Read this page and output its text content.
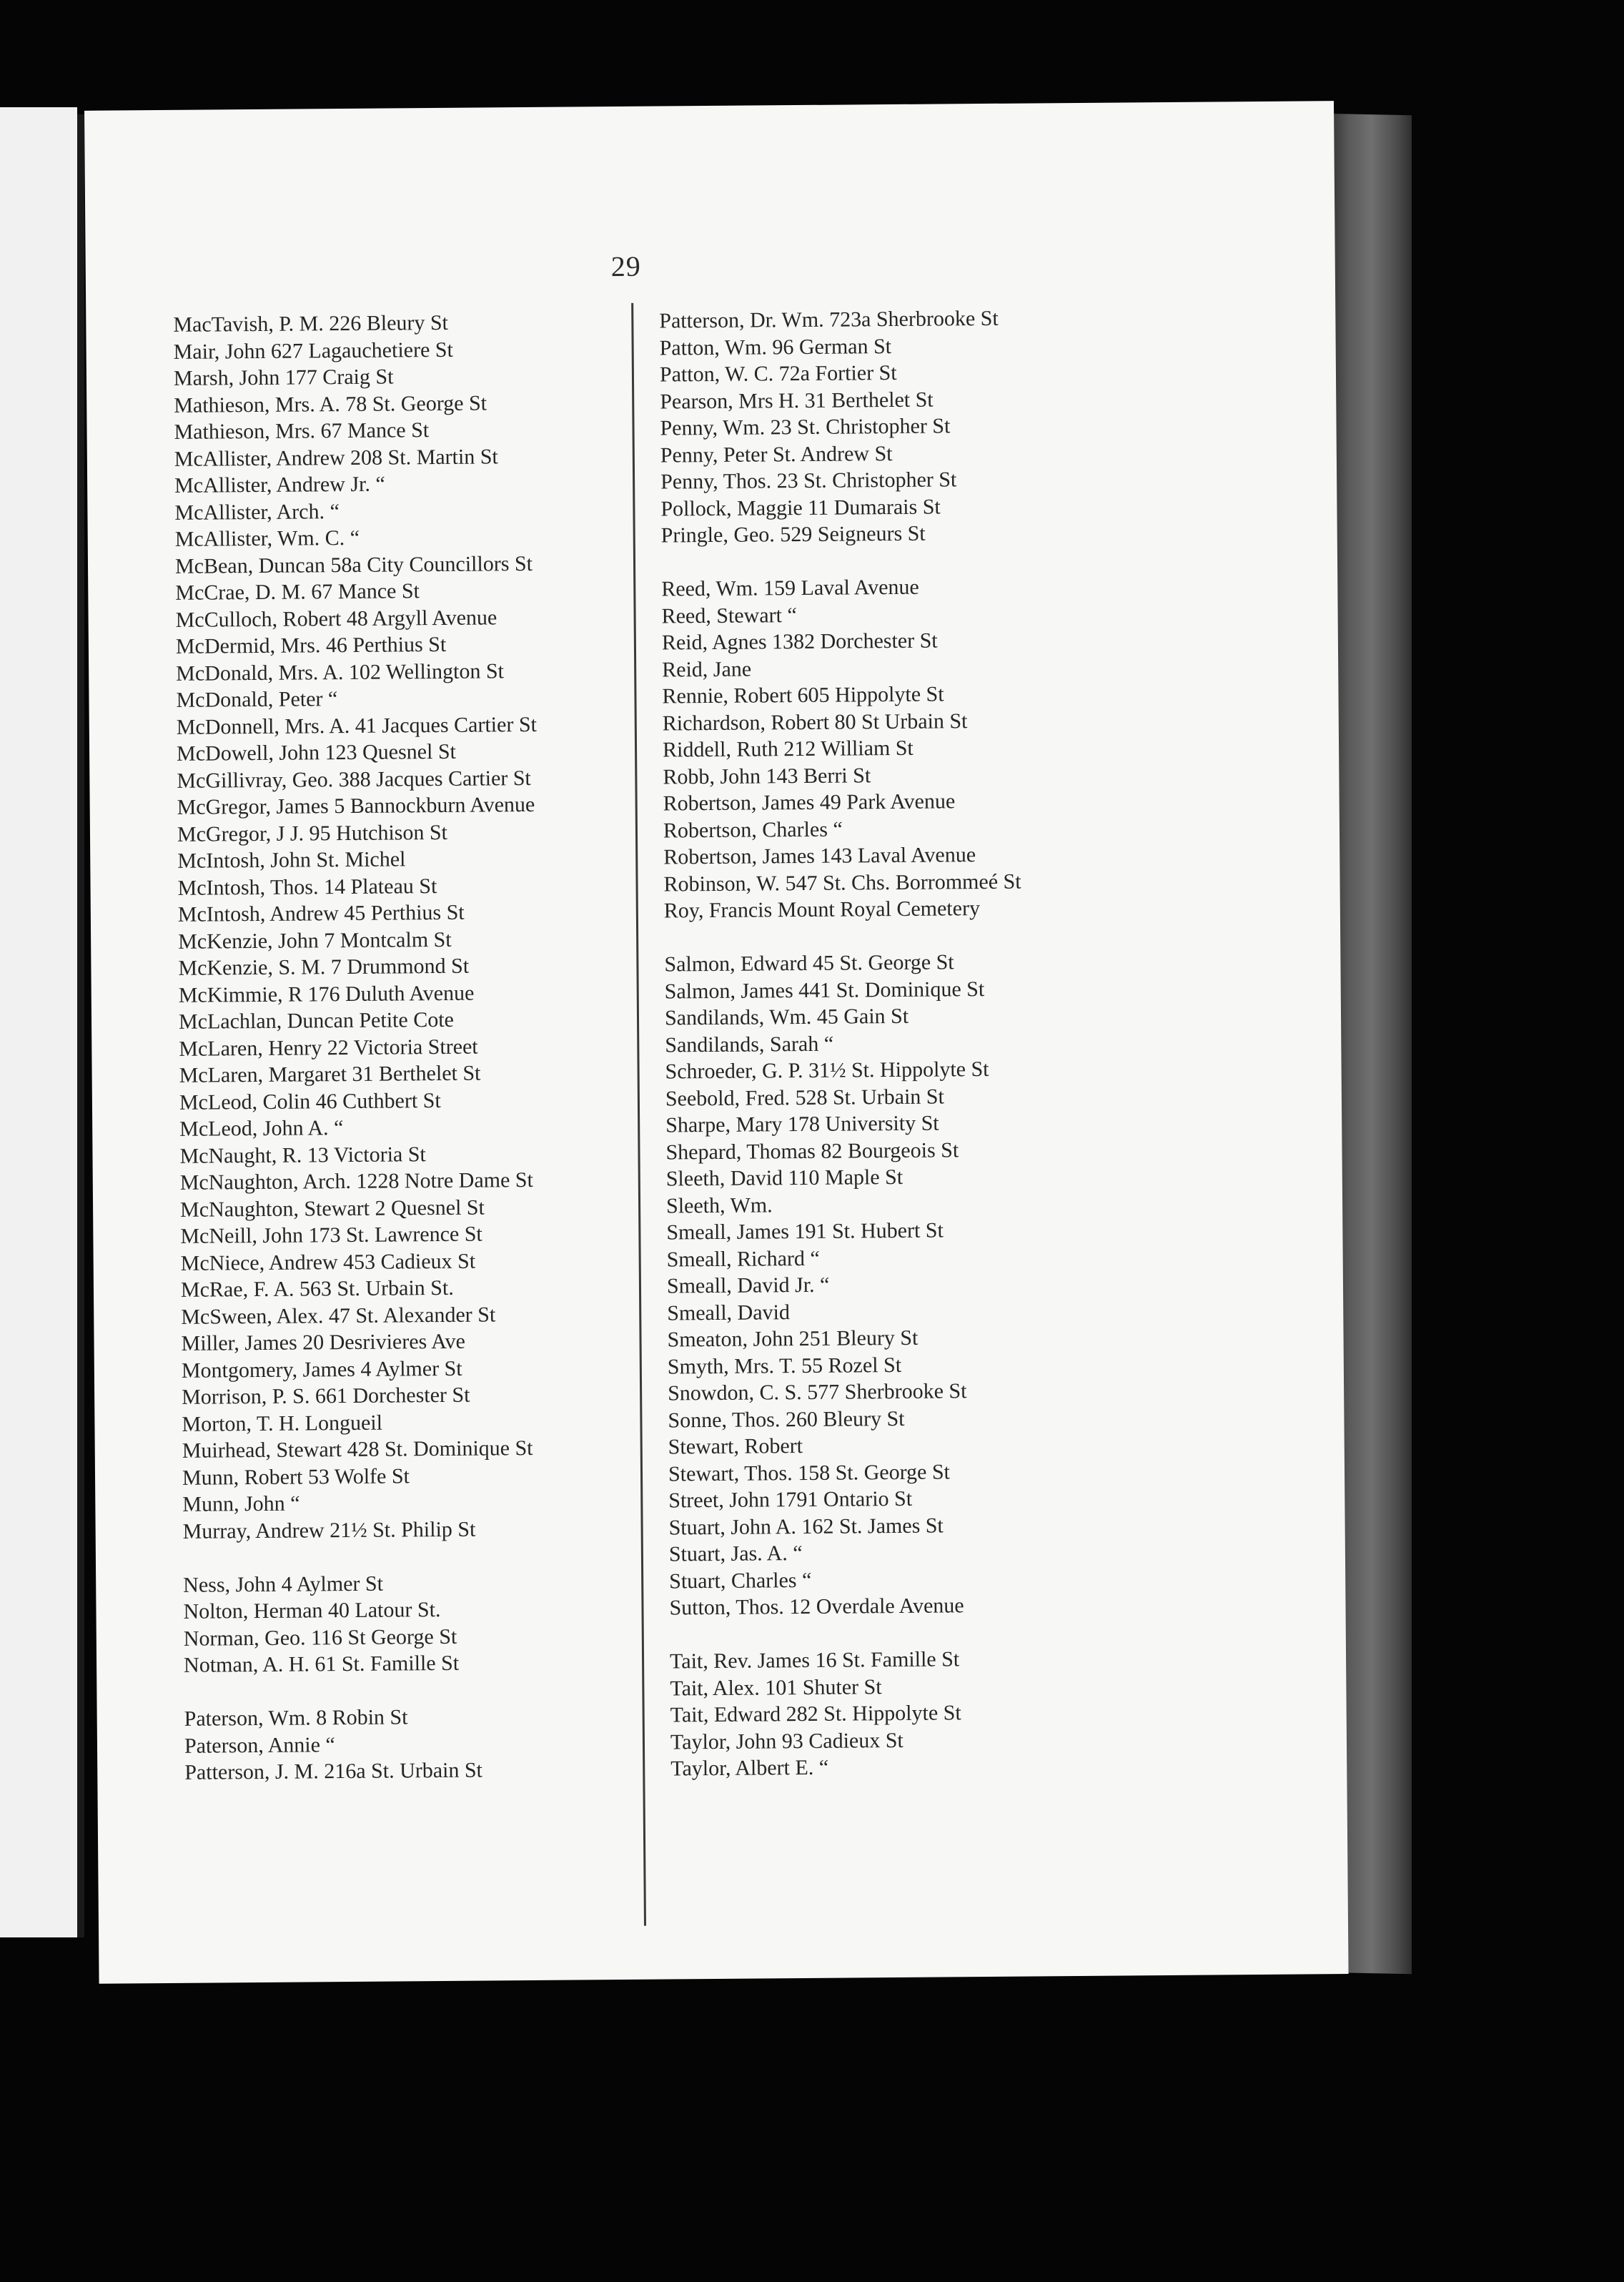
29
MacTavish, P. M. 226 Bleury St
Mair, John 627 Lagauchetiere St
Marsh, John 177 Craig St
Mathieson, Mrs. A. 78 St. George St
Mathieson, Mrs. 67 Mance St
McAllister, Andrew 208 St. Martin St
McAllister, Andrew Jr. “
McAllister, Arch. “
McAllister, Wm. C. “
McBean, Duncan 58a City Councillors St
McCrae, D. M. 67 Mance St
McCulloch, Robert 48 Argyll Avenue
McDermid, Mrs. 46 Perthius St
McDonald, Mrs. A. 102 Wellington St
McDonald, Peter “
McDonnell, Mrs. A. 41 Jacques Cartier St
McDowell, John 123 Quesnel St
McGillivray, Geo. 388 Jacques Cartier St
McGregor, James 5 Bannockburn Avenue
McGregor, J J. 95 Hutchison St
McIntosh, John St. Michel
McIntosh, Thos. 14 Plateau St
McIntosh, Andrew 45 Perthius St
McKenzie, John 7 Montcalm St
McKenzie, S. M. 7 Drummond St
McKimmie, R 176 Duluth Avenue
McLachlan, Duncan Petite Cote
McLaren, Henry 22 Victoria Street
McLaren, Margaret 31 Berthelet St
McLeod, Colin 46 Cuthbert St
McLeod, John A. “
McNaught, R. 13 Victoria St
McNaughton, Arch. 1228 Notre Dame St
McNaughton, Stewart 2 Quesnel St
McNeill, John 173 St. Lawrence St
McNiece, Andrew 453 Cadieux St
McRae, F. A. 563 St. Urbain St.
McSween, Alex. 47 St. Alexander St
Miller, James 20 Desrivieres Ave
Montgomery, James 4 Aylmer St
Morrison, P. S. 661 Dorchester St
Morton, T. H. Longueil
Muirhead, Stewart 428 St. Dominique St
Munn, Robert 53 Wolfe St
Munn, John “
Murray, Andrew 21½ St. Philip St
Ness, John 4 Aylmer St
Nolton, Herman 40 Latour St.
Norman, Geo. 116 St George St
Notman, A. H. 61 St. Famille St
Paterson, Wm. 8 Robin St
Paterson, Annie “
Patterson, J. M. 216a St. Urbain St
Patterson, Dr. Wm. 723a Sherbrooke St
Patton, Wm. 96 German St
Patton, W. C. 72a Fortier St
Pearson, Mrs H. 31 Berthelet St
Penny, Wm. 23 St. Christopher St
Penny, Peter St. Andrew St
Penny, Thos. 23 St. Christopher St
Pollock, Maggie 11 Dumarais St
Pringle, Geo. 529 Seigneurs St
Reed, Wm. 159 Laval Avenue
Reed, Stewart “
Reid, Agnes 1382 Dorchester St
Reid, Jane
Rennie, Robert 605 Hippolyte St
Richardson, Robert 80 St Urbain St
Riddell, Ruth 212 William St
Robb, John 143 Berri St
Robertson, James 49 Park Avenue
Robertson, Charles “
Robertson, James 143 Laval Avenue
Robinson, W. 547 St. Chs. Borrommeé St
Roy, Francis Mount Royal Cemetery
Salmon, Edward 45 St. George St
Salmon, James 441 St. Dominique St
Sandilands, Wm. 45 Gain St
Sandilands, Sarah “
Schroeder, G. P. 31½ St. Hippolyte St
Seebold, Fred. 528 St. Urbain St
Sharpe, Mary 178 University St
Shepard, Thomas 82 Bourgeois St
Sleeth, David 110 Maple St
Sleeth, Wm.
Smeall, James 191 St. Hubert St
Smeall, Richard “
Smeall, David Jr. “
Smeall, David
Smeaton, John 251 Bleury St
Smyth, Mrs. T. 55 Rozel St
Snowdon, C. S. 577 Sherbrooke St
Sonne, Thos. 260 Bleury St
Stewart, Robert
Stewart, Thos. 158 St. George St
Street, John 1791 Ontario St
Stuart, John A. 162 St. James St
Stuart, Jas. A. “
Stuart, Charles “
Sutton, Thos. 12 Overdale Avenue
Tait, Rev. James 16 St. Famille St
Tait, Alex. 101 Shuter St
Tait, Edward 282 St. Hippolyte St
Taylor, John 93 Cadieux St
Taylor, Albert E. “
